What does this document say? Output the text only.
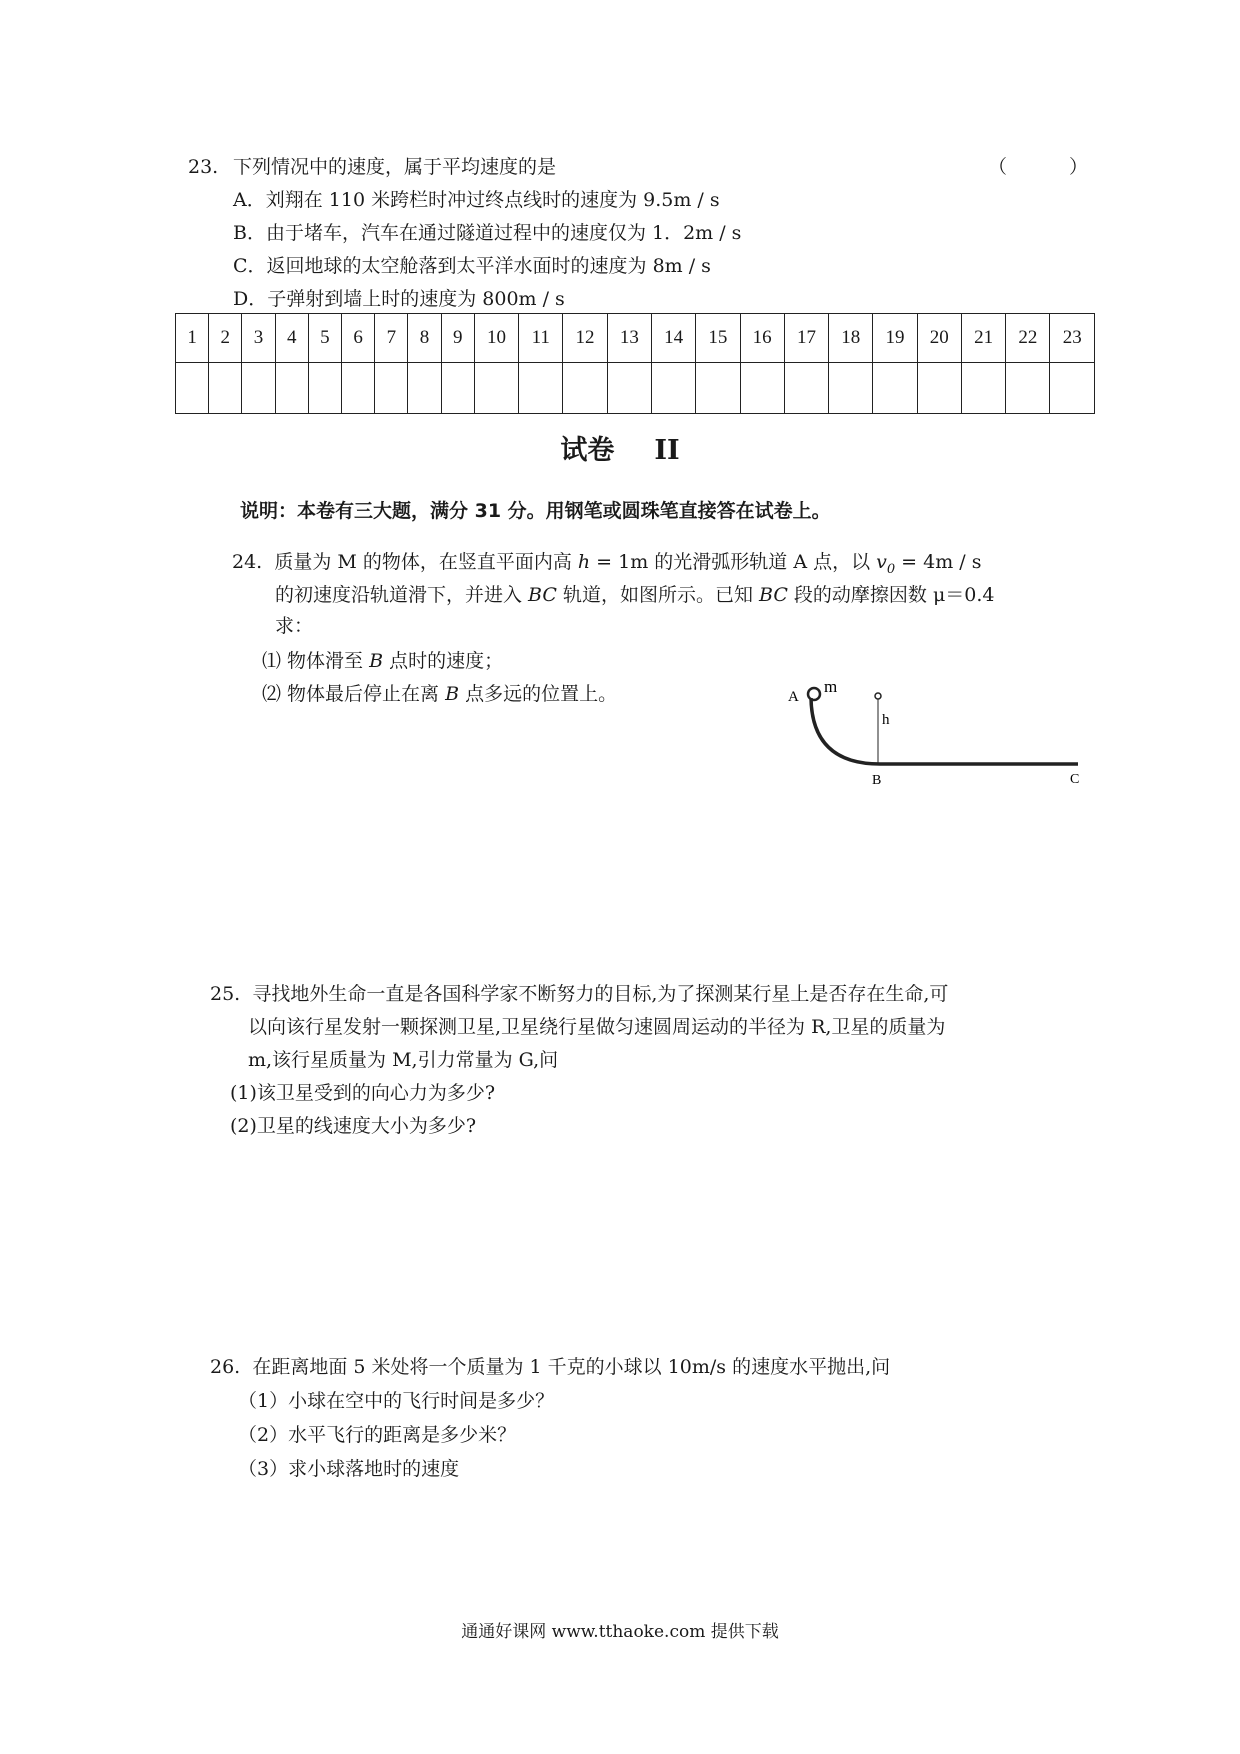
23. 下列情况中的速度，属于平均速度的是	（ ）
A．刘翔在 110 米跨栏时冲过终点线时的速度为 9.5m / s
B．由于堵车，汽车在通过隧道过程中的速度仅为 1．2m / s
C．返回地球的太空舱落到太平洋水面时的速度为 8m / s
D．子弹射到墙上时的速度为 800m / s
1	2	3	4	5	6	7	8	9	10	11	12	13	14	15	16	17	18	19	20	21	22	23

试卷 II
说明：本卷有三大题，满分 31 分。用钢笔或圆珠笔直接答在试卷上。
24. 质量为 M 的物体，在竖直平面内高 h = 1m 的光滑弧形轨道 A 点，以 $v_0 = 4m / s$
的初速度沿轨道滑下，并进入 BC 轨道，如图所示。已知 BC 段的动摩擦因数 μ＝0.4
求：
⑴ 物体滑至 B 点时的速度；
⑵ 物体最后停止在离 B 点多远的位置上。	A
m
h
B	C
25. 寻找地外生命一直是各国科学家不断努力的目标,为了探测某行星上是否存在生命,可
以向该行星发射一颗探测卫星,卫星绕行星做匀速圆周运动的半径为 R,卫星的质量为
m,该行星质量为 M,引力常量为 G,问
(1)该卫星受到的向心力为多少?
(2)卫星的线速度大小为多少?
26. 在距离地面 5 米处将一个质量为 1 千克的小球以 10m/s 的速度水平抛出,问
（1）小球在空中的飞行时间是多少？
（2）水平飞行的距离是多少米？
（3）求小球落地时的速度
通通好课网 www.tthaoke.com 提供下载
